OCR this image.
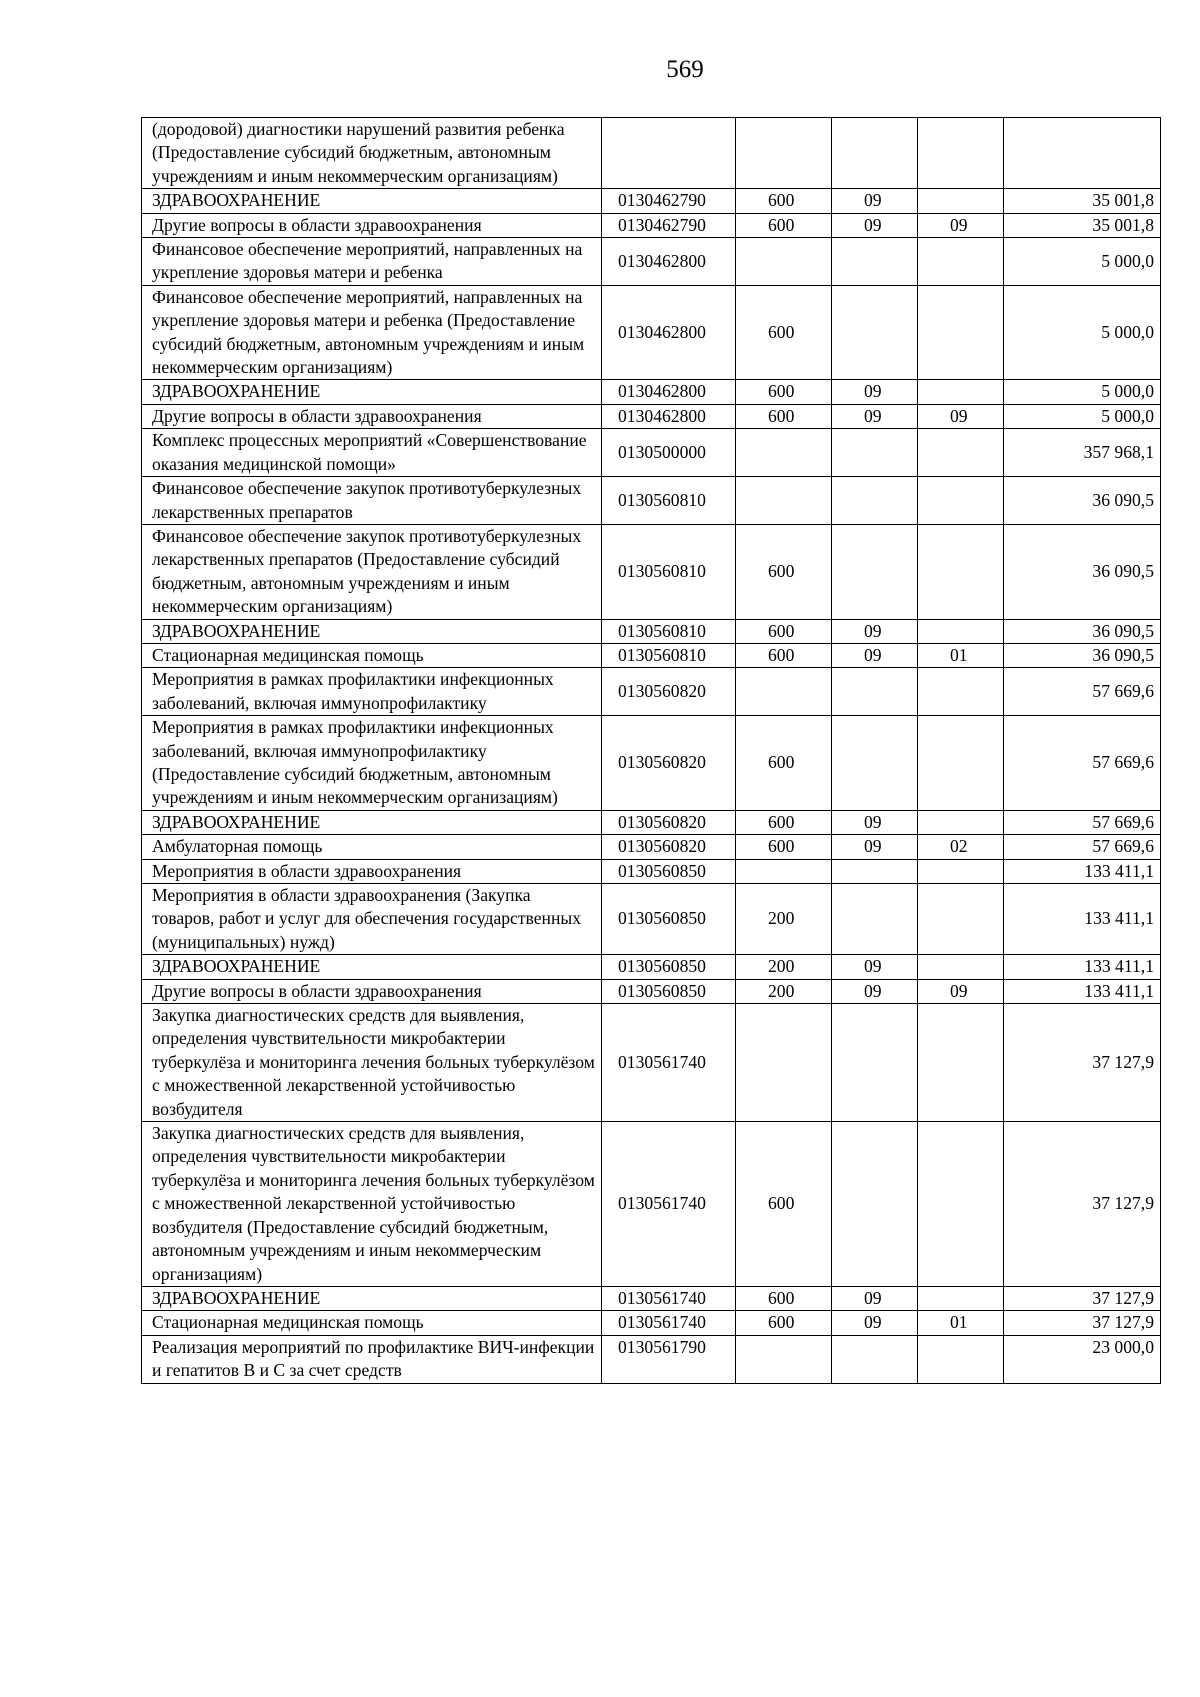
569
(дородовой) диагностики нарушений развития ребенка (Предоставление субсидий бюджетным, автономным учреждениям и иным некоммерческим организациям)					
ЗДРАВООХРАНЕНИЕ	0130462790	600	09		35 001,8
Другие вопросы в области здравоохранения	0130462790	600	09	09	35 001,8
Финансовое обеспечение мероприятий, направленных на укрепление здоровья матери и ребенка	0130462800				5 000,0
Финансовое обеспечение мероприятий, направленных на укрепление здоровья матери и ребенка (Предоставление субсидий бюджетным, автономным учреждениям и иным некоммерческим организациям)	0130462800	600			5 000,0
ЗДРАВООХРАНЕНИЕ	0130462800	600	09		5 000,0
Другие вопросы в области здравоохранения	0130462800	600	09	09	5 000,0
Комплекс процессных мероприятий «Совершенствование оказания медицинской помощи»	0130500000				357 968,1
Финансовое обеспечение закупок противотуберкулезных лекарственных препаратов	0130560810				36 090,5
Финансовое обеспечение закупок противотуберкулезных лекарственных препаратов (Предоставление субсидий бюджетным, автономным учреждениям и иным некоммерческим организациям)	0130560810	600			36 090,5
ЗДРАВООХРАНЕНИЕ	0130560810	600	09		36 090,5
Стационарная медицинская помощь	0130560810	600	09	01	36 090,5
Мероприятия в рамках профилактики инфекционных заболеваний, включая иммунопрофилактику	0130560820				57 669,6
Мероприятия в рамках профилактики инфекционных заболеваний, включая иммунопрофилактику (Предоставление субсидий бюджетным, автономным учреждениям и иным некоммерческим организациям)	0130560820	600			57 669,6
ЗДРАВООХРАНЕНИЕ	0130560820	600	09		57 669,6
Амбулаторная помощь	0130560820	600	09	02	57 669,6
Мероприятия в области здравоохранения	0130560850				133 411,1
Мероприятия в области здравоохранения (Закупка товаров, работ и услуг для обеспечения государственных (муниципальных) нужд)	0130560850	200			133 411,1
ЗДРАВООХРАНЕНИЕ	0130560850	200	09		133 411,1
Другие вопросы в области здравоохранения	0130560850	200	09	09	133 411,1
Закупка диагностических средств для выявления, определения чувствительности микробактерии туберкулёза и мониторинга лечения больных туберкулёзом с множественной лекарственной устойчивостью возбудителя	0130561740				37 127,9
Закупка диагностических средств для выявления, определения чувствительности микробактерии туберкулёза и мониторинга лечения больных туберкулёзом с множественной лекарственной устойчивостью возбудителя (Предоставление субсидий бюджетным, автономным учреждениям и иным некоммерческим организациям)	0130561740	600			37 127,9
ЗДРАВООХРАНЕНИЕ	0130561740	600	09		37 127,9
Стационарная медицинская помощь	0130561740	600	09	01	37 127,9
Реализация мероприятий по профилактике ВИЧ-инфекции и гепатитов В и С за счет средств	0130561790				23 000,0
